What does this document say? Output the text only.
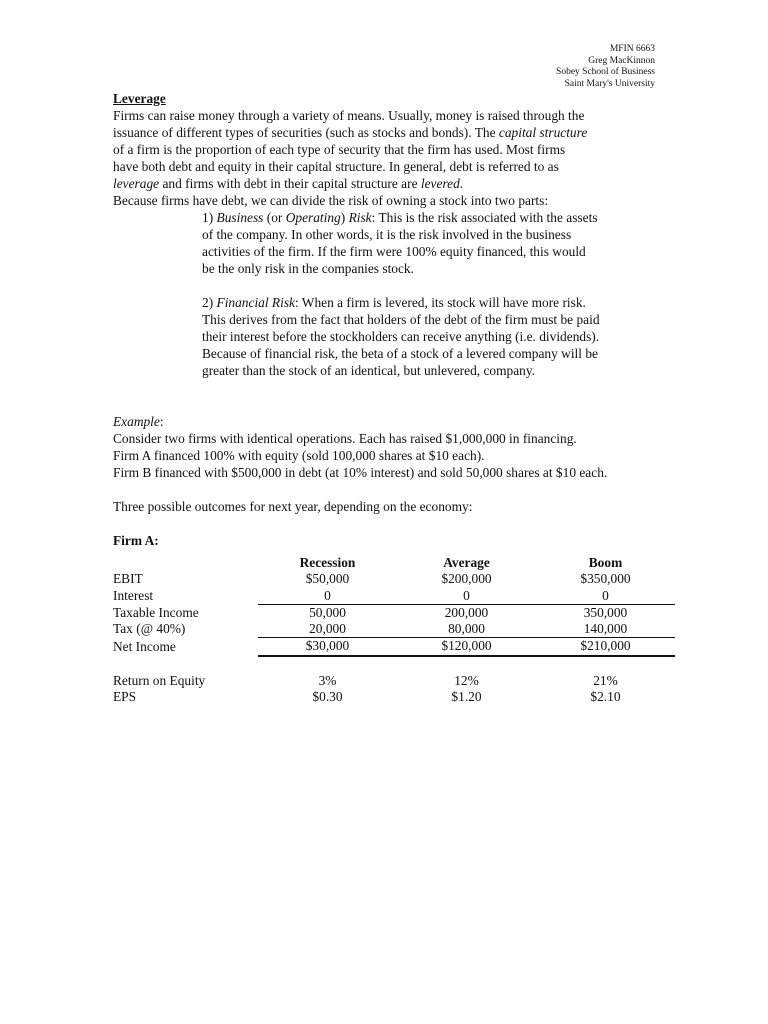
MFIN 6663
Greg MacKinnon
Sobey School of Business
Saint Mary's University
Leverage
Firms can raise money through a variety of means. Usually, money is raised through the
issuance of different types of securities (such as stocks and bonds). The capital structure
of a firm is the proportion of each type of security that the firm has used. Most firms
have both debt and equity in their capital structure. In general, debt is referred to as
leverage and firms with debt in their capital structure are levered.
Because firms have debt, we can divide the risk of owning a stock into two parts:
1) Business (or Operating) Risk: This is the risk associated with the assets
of the company. In other words, it is the risk involved in the business
activities of the firm. If the firm were 100% equity financed, this would
be the only risk in the companies stock.
2) Financial Risk: When a firm is levered, its stock will have more risk.
This derives from the fact that holders of the debt of the firm must be paid
their interest before the stockholders can receive anything (i.e. dividends).
Because of financial risk, the beta of a stock of a levered company will be
greater than the stock of an identical, but unlevered, company.
Example:
Consider two firms with identical operations. Each has raised $1,000,000 in financing.
Firm A financed 100% with equity (sold 100,000 shares at $10 each).
Firm B financed with $500,000 in debt (at 10% interest) and sold 50,000 shares at $10 each.
Three possible outcomes for next year, depending on the economy:
Firm A:
	Recession	Average	Boom
EBIT	$50,000	$200,000	$350,000
Interest	0	0	0
Taxable Income	50,000	200,000	350,000
Tax (@ 40%)	20,000	80,000	140,000
Net Income	$30,000	$120,000	$210,000

Return on Equity	3%	12%	21%
EPS	$0.30	$1.20	$2.10
